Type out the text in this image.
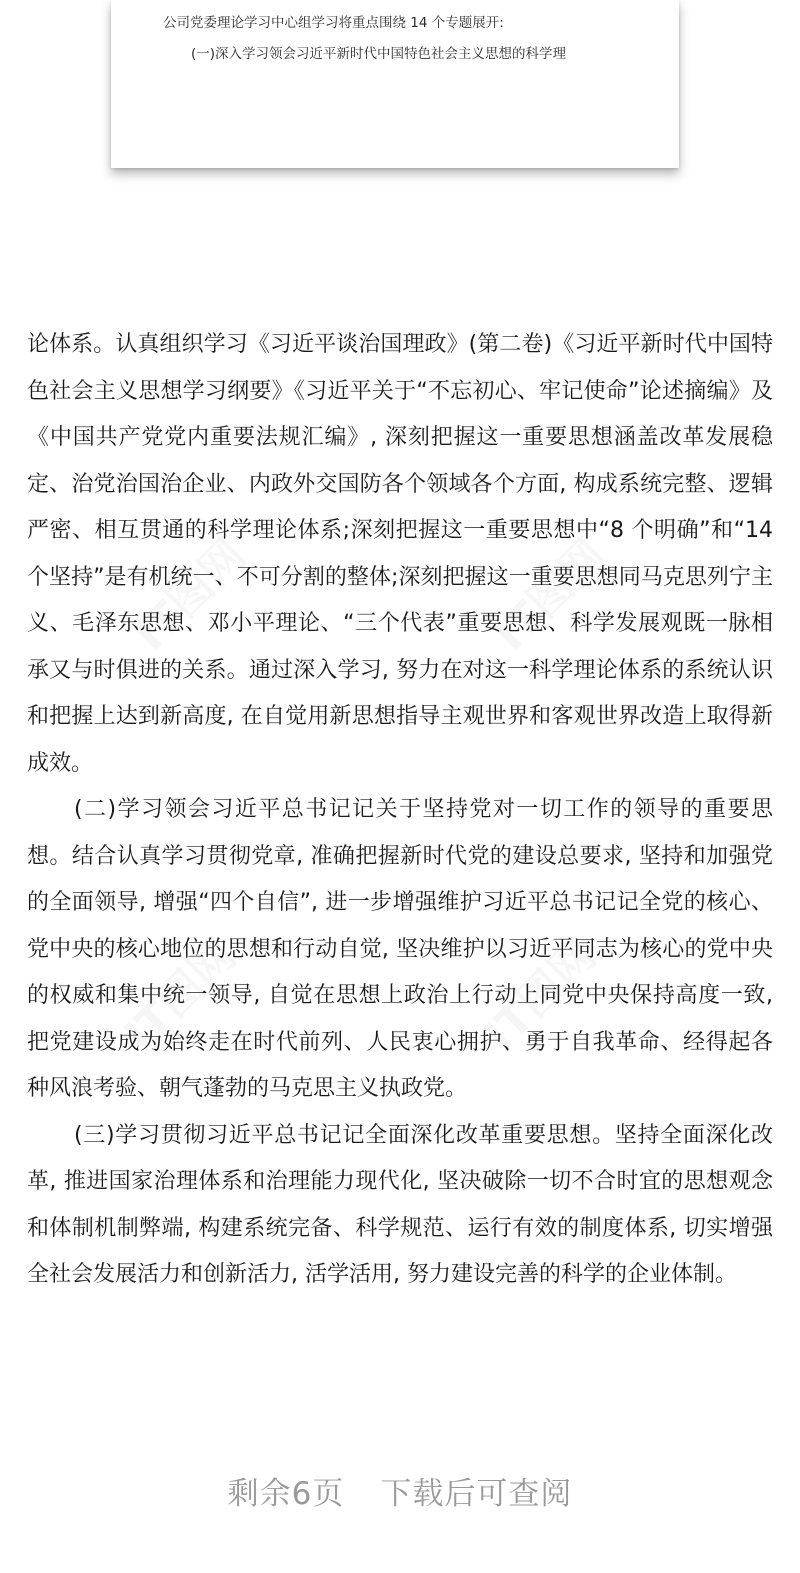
公司党委理论学习中心组学习将重点围绕 14 个专题展开:
(一)深入学习领会习近平新时代中国特色社会主义思想的科学理

论体系。认真组织学习《习近平谈治国理政》(第二卷)《习近平新时代中国特色社会主义思想学习纲要》《习近平关于“不忘初心、牢记使命”论述摘编》及《中国共产党党内重要法规汇编》, 深刻把握这一重要思想涵盖改革发展稳定、治党治国治企业、内政外交国防各个领域各个方面, 构成系统完整、逻辑严密、相互贯通的科学理论体系;深刻把握这一重要思想中“8 个明确”和“14 个坚持”是有机统一、不可分割的整体;深刻把握这一重要思想同马克思列宁主义、毛泽东思想、邓小平理论、“三个代表”重要思想、科学发展观既一脉相承又与时俱进的关系。通过深入学习, 努力在对这一科学理论体系的系统认识和把握上达到新高度, 在自觉用新思想指导主观世界和客观世界改造上取得新成效。

(二)学习领会习近平总书记记关于坚持党对一切工作的领导的重要思想。结合认真学习贯彻党章, 准确把握新时代党的建设总要求, 坚持和加强党的全面领导, 增强“四个自信”, 进一步增强维护习近平总书记记全党的核心、党中央的核心地位的思想和行动自觉, 坚决维护以习近平同志为核心的党中央的权威和集中统一领导, 自觉在思想上政治上行动上同党中央保持高度一致, 把党建设成为始终走在时代前列、人民衷心拥护、勇于自我革命、经得起各种风浪考验、朝气蓬勃的马克思主义执政党。

(三)学习贯彻习近平总书记记全面深化改革重要思想。坚持全面深化改革, 推进国家治理体系和治理能力现代化, 坚决破除一切不合时宜的思想观念和体制机制弊端, 构建系统完备、科学规范、运行有效的制度体系, 切实增强全社会发展活力和创新活力, 活学活用, 努力建设完善的科学的企业体制。

剩余6页 下载后可查阅
